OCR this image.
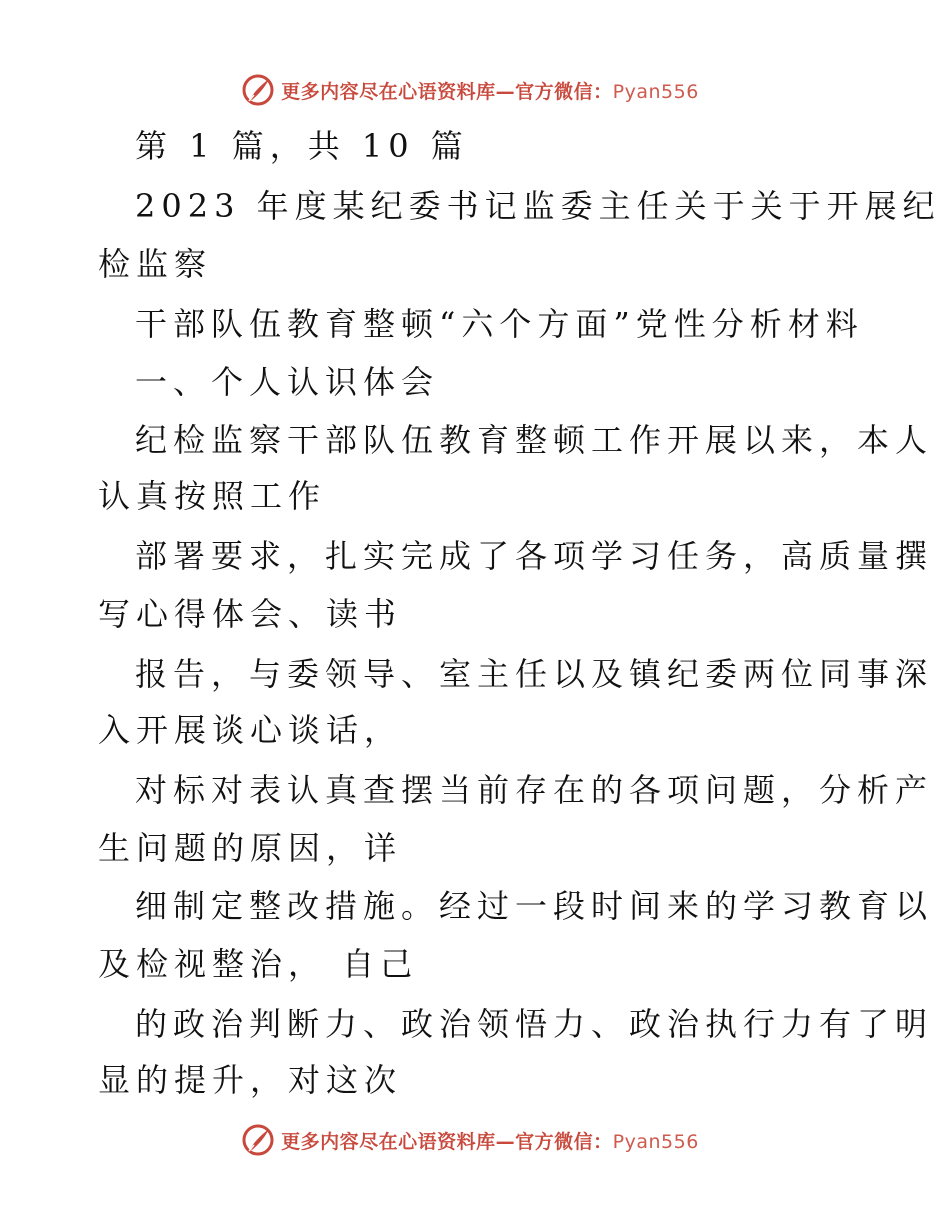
更多内容尽在心语资料库—官方微信：Pyan556
第 1 篇，共 10 篇
2023 年度某纪委书记监委主任关于关于开展纪
检监察
干部队伍教育整顿“六个方面”党性分析材料
一、个人认识体会
纪检监察干部队伍教育整顿工作开展以来，本人
认真按照工作
部署要求，扎实完成了各项学习任务，高质量撰
写心得体会、读书
报告，与委领导、室主任以及镇纪委两位同事深
入开展谈心谈话，
对标对表认真查摆当前存在的各项问题，分析产
生问题的原因，详
细制定整改措施。经过一段时间来的学习教育以
及检视整治， 自己
的政治判断力、政治领悟力、政治执行力有了明
显的提升，对这次
更多内容尽在心语资料库—官方微信：Pyan556
